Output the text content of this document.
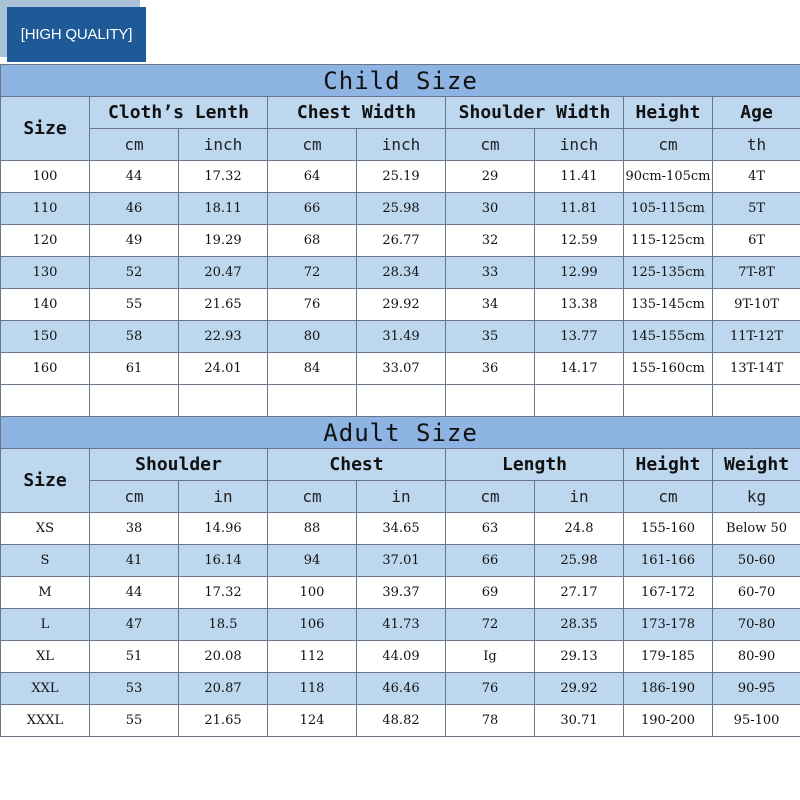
[HIGH QUALITY]
Child Size								
Size	Cloth’s Lenth		Chest Width		Shoulder Width		Height	Age
	cm	inch	cm	inch	cm	inch	cm	th
100	44	17.32	64	25.19	29	11.41	90cm-105cm	4T
110	46	18.11	66	25.98	30	11.81	105-115cm	5T
120	49	19.29	68	26.77	32	12.59	115-125cm	6T
130	52	20.47	72	28.34	33	12.99	125-135cm	7T-8T
140	55	21.65	76	29.92	34	13.38	135-145cm	9T-10T
150	58	22.93	80	31.49	35	13.77	145-155cm	11T-12T
160	61	24.01	84	33.07	36	14.17	155-160cm	13T-14T

Adult Size								
Size	Shoulder		Chest		Length		Height	Weight
	cm	in	cm	in	cm	in	cm	kg
XS	38	14.96	88	34.65	63	24.8	155-160	Below 50
S	41	16.14	94	37.01	66	25.98	161-166	50-60
M	44	17.32	100	39.37	69	27.17	167-172	60-70
L	47	18.5	106	41.73	72	28.35	173-178	70-80
XL	51	20.08	112	44.09	Ig	29.13	179-185	80-90
XXL	53	20.87	118	46.46	76	29.92	186-190	90-95
XXXL	55	21.65	124	48.82	78	30.71	190-200	95-100
